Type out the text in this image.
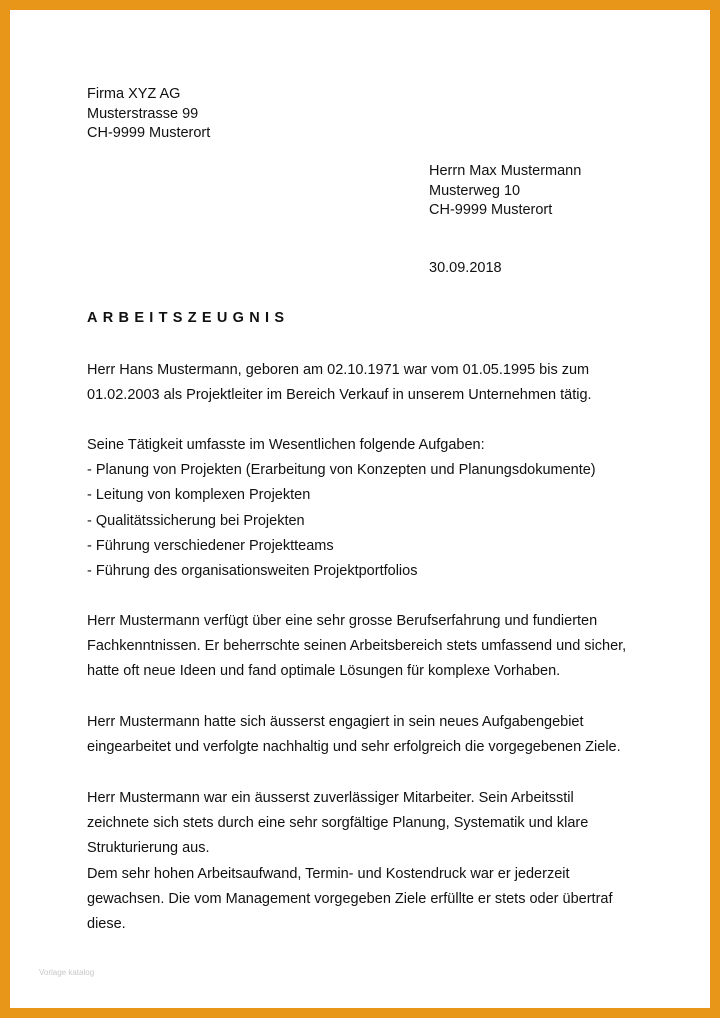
Firma XYZ AG
Musterstrasse 99
CH-9999 Musterort
Herrn Max Mustermann
Musterweg 10
CH-9999 Musterort
30.09.2018
ARBEITSZEUGNIS
Herr Hans Mustermann, geboren am 02.10.1971 war vom 01.05.1995 bis zum
01.02.2003 als Projektleiter im Bereich Verkauf in unserem Unternehmen tätig.
Seine Tätigkeit umfasste im Wesentlichen folgende Aufgaben:
- Planung von Projekten (Erarbeitung von Konzepten und Planungsdokumente)
- Leitung von komplexen Projekten
- Qualitätssicherung bei Projekten
- Führung verschiedener Projektteams
- Führung des organisationsweiten Projektportfolios
Herr Mustermann verfügt über eine sehr grosse Berufserfahrung und fundierten
Fachkenntnissen. Er beherrschte seinen Arbeitsbereich stets umfassend und sicher,
hatte oft neue Ideen und fand optimale Lösungen für komplexe Vorhaben.
Herr Mustermann hatte sich äusserst engagiert in sein neues Aufgabengebiet
eingearbeitet und verfolgte nachhaltig und sehr erfolgreich die vorgegebenen Ziele.
Herr Mustermann war ein äusserst zuverlässiger Mitarbeiter. Sein Arbeitsstil
zeichnete sich stets durch eine sehr sorgfältige Planung, Systematik und klare
Strukturierung aus.
Dem sehr hohen Arbeitsaufwand, Termin- und Kostendruck war er jederzeit
gewachsen. Die vom Management vorgegeben Ziele erfüllte er stets oder übertraf
diese.
Vorlage katalog
